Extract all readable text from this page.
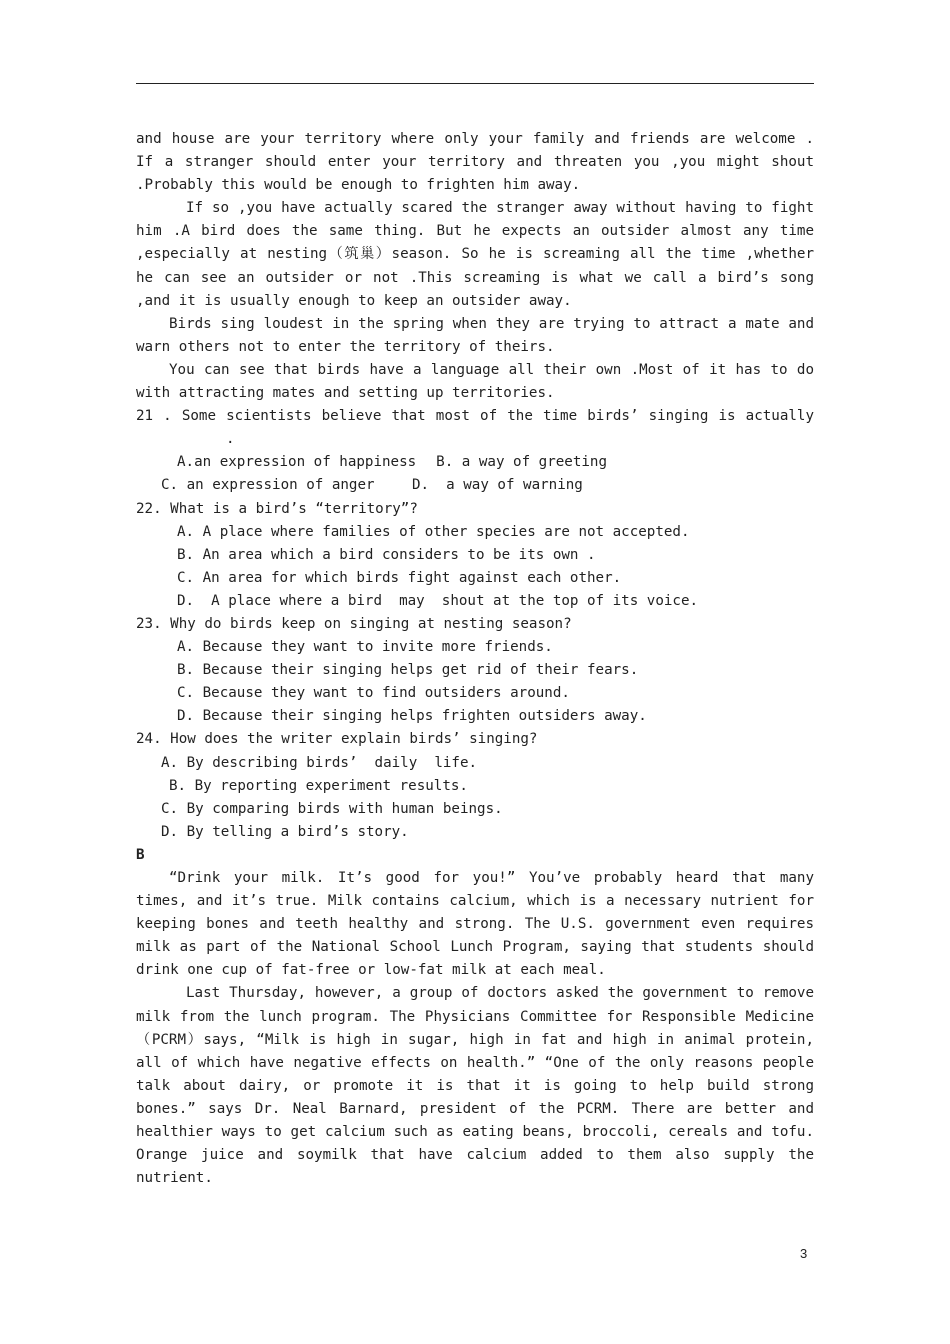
and house are your territory where only your family and friends are welcome . If a stranger should enter your territory and threaten you ,you might shout .Probably this would be enough to frighten him away.

If so ,you have actually scared the stranger away without having to fight him .A bird does the same thing. But he expects an outsider almost any time ,especially at nesting（筑巢）season. So he is screaming all the time ,whether he can see an outsider or not .This screaming is what we call a bird’s song ,and it is usually enough to keep an outsider away.

Birds sing loudest in the spring when they are trying to attract a mate and warn others not to enter the territory of theirs.

You can see that birds have a language all their own .Most of it has to do with attracting mates and setting up territories.

21 . Some scientists believe that most of the time birds’ singing is actually.

A.an expression of happiness B. a way of greeting
C. an expression of anger	D.  a way of warning

22. What is a bird’s “territory”?

A. A place where families of other species are not accepted.
B. An area which a bird considers to be its own .
C. An area for which birds fight against each other.
D.  A place where a bird  may  shout at the top of its voice.

23. Why do birds keep on singing at nesting season?

A. Because they want to invite more friends.
B. Because their singing helps get rid of their fears.
C. Because they want to find outsiders around.
D. Because their singing helps frighten outsiders away.

24. How does the writer explain birds’ singing?

A. By describing birds’  daily  life.
B. By reporting experiment results.
C. By comparing birds with human beings.
D. By telling a bird’s story.

B

“Drink your milk. It’s good for you!” You’ve probably heard that many times, and it’s true. Milk contains calcium, which is a necessary nutrient for keeping bones and teeth healthy and strong. The U.S. government even requires milk as part of the National School Lunch Program, saying that students should drink one cup of fat-free or low-fat milk at each meal.

Last Thursday, however, a group of doctors asked the government to remove milk from the lunch program. The Physicians Committee for Responsible Medicine（PCRM）says, “Milk is high in sugar, high in fat and high in animal protein, all of which have negative effects on health.” “One of the only reasons people talk about dairy, or promote it is that it is going to help build strong bones.” says Dr. Neal Barnard, president of the PCRM. There are better and healthier ways to get calcium such as eating beans, broccoli, cereals and tofu. Orange juice and soymilk that have calcium added to them also supply the nutrient.

3
